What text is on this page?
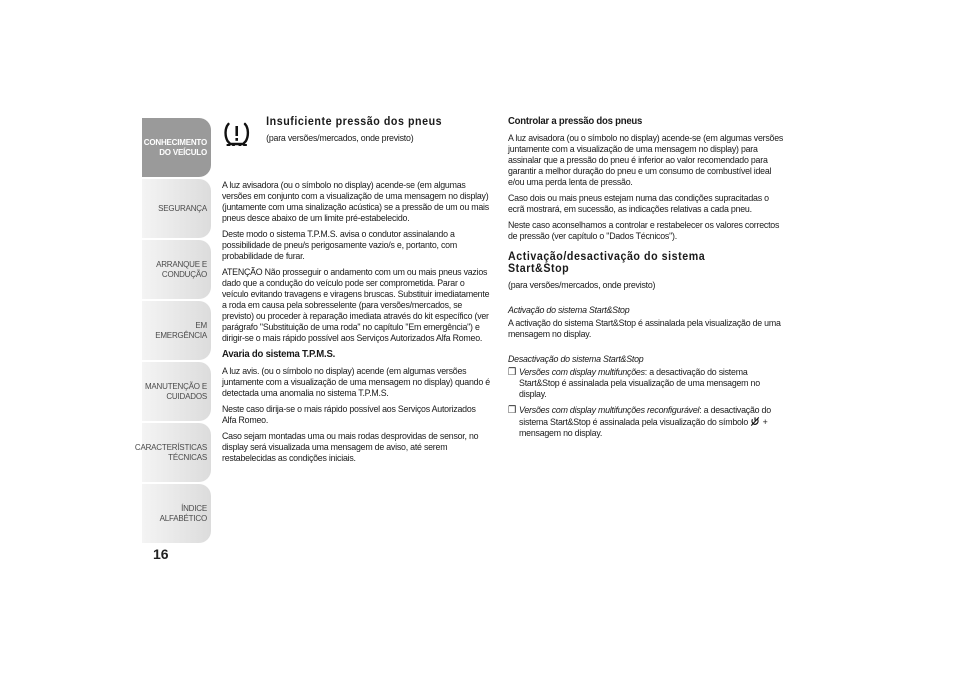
CONHECIMENTO
DO VEÍCULO
SEGURANÇA
ARRANQUE E
CONDUÇÃO
EM EMERGÊNCIA
MANUTENÇÃO E
CUIDADOS
CARACTERÍSTICAS
TÉCNICAS
ÍNDICE ALFABÉTICO
16

Insuficiente pressão dos pneus

(para versões/mercados, onde previsto)

A luz avisadora (ou o símbolo no display) acende-se (em algumas versões em conjunto com a visualização de uma mensagem no display) (juntamente com uma sinalização acústica) se a pressão de um ou mais pneus desce abaixo de um limite pré-estabelecido.

Deste modo o sistema T.P.M.S. avisa o condutor assinalando a possibilidade de pneu/s perigosamente vazio/s e, portanto, com probabilidade de furar.

ATENÇÃO Não prosseguir o andamento com um ou mais pneus vazios dado que a condução do veículo pode ser comprometida. Parar o veículo evitando travagens e viragens bruscas. Substituir imediatamente a roda em causa pela sobresselente (para versões/mercados, se previsto) ou proceder à reparação imediata através do kit específico (ver parágrafo "Substituição de uma roda" no capítulo "Em emergência") e dirigir-se o mais rápido possível aos Serviços Autorizados Alfa Romeo.

Avaria do sistema T.P.M.S.

A luz avis. (ou o símbolo no display) acende (em algumas versões juntamente com a visualização de uma mensagem no display) quando é detectada uma anomalia no sistema T.P.M.S.

Neste caso dirija-se o mais rápido possível aos Serviços Autorizados Alfa Romeo.

Caso sejam montadas uma ou mais rodas desprovidas de sensor, no display será visualizada uma mensagem de aviso, até serem restabelecidas as condições iniciais.

Controlar a pressão dos pneus

A luz avisadora (ou o símbolo no display) acende-se (em algumas versões juntamente com a visualização de uma mensagem no display) para assinalar que a pressão do pneu é inferior ao valor recomendado para garantir a melhor duração do pneu e um consumo de combustível ideal e/ou uma perda lenta de pressão.

Caso dois ou mais pneus estejam numa das condições supracitadas o ecrã mostrará, em sucessão, as indicações relativas a cada pneu.

Neste caso aconselhamos a controlar e restabelecer os valores correctos de pressão (ver capítulo o "Dados Técnicos").

Activação/desactivação do sistema Start&Stop

(para versões/mercados, onde previsto)

Activação do sistema Start&Stop

A activação do sistema Start&Stop é assinalada pela visualização de uma mensagem no display.

Desactivação do sistema Start&Stop

❒ Versões com display multifunções: a desactivação do sistema Start&Stop é assinalada pela visualização de uma mensagem no display.
❒ Versões com display multifunções reconfigurável: a desactivação do sistema Start&Stop é assinalada pela visualização do símbolo + mensagem no display.
